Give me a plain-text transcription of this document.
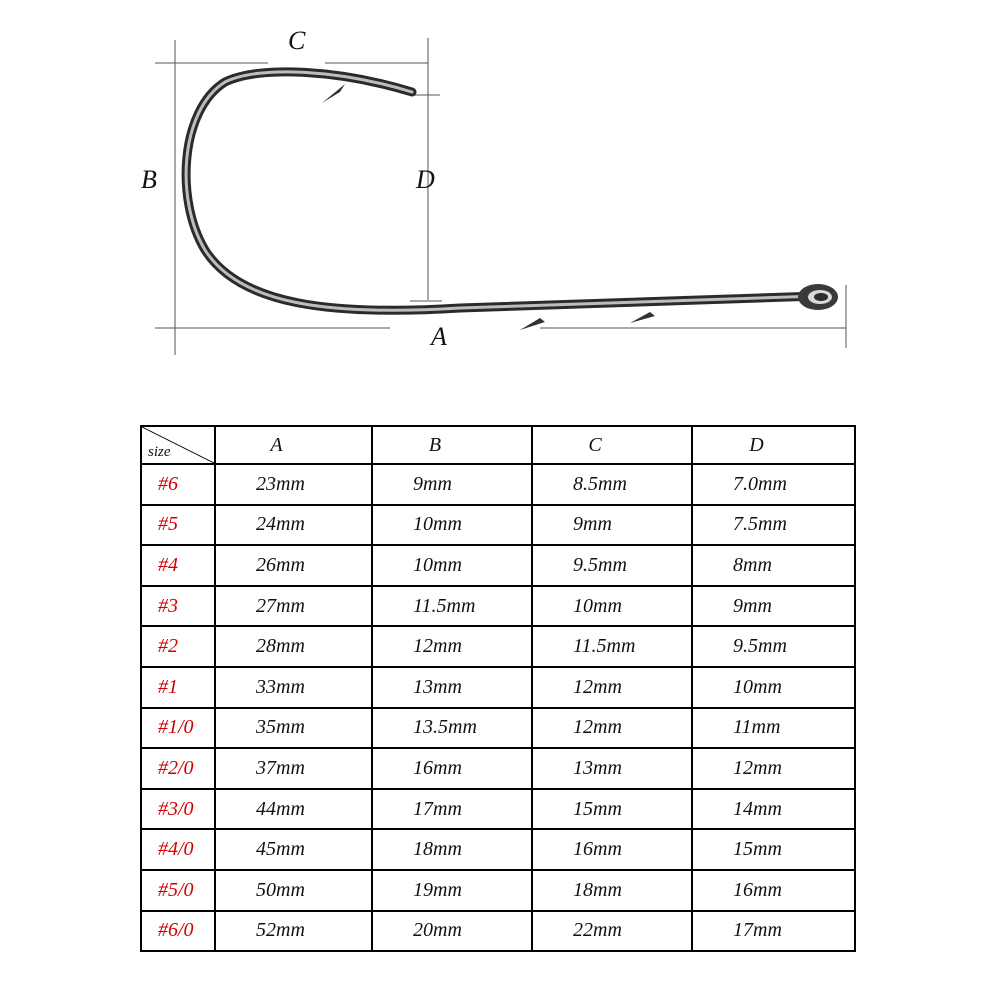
C
B	D
A
size	A	B	C	D
#6	23mm	9mm	8.5mm	7.0mm
#5	24mm	10mm	9mm	7.5mm
#4	26mm	10mm	9.5mm	8mm
#3	27mm	11.5mm	10mm	9mm
#2	28mm	12mm	11.5mm	9.5mm
#1	33mm	13mm	12mm	10mm
#1/0	35mm	13.5mm	12mm	11mm
#2/0	37mm	16mm	13mm	12mm
#3/0	44mm	17mm	15mm	14mm
#4/0	45mm	18mm	16mm	15mm
#5/0	50mm	19mm	18mm	16mm
#6/0	52mm	20mm	22mm	17mm
